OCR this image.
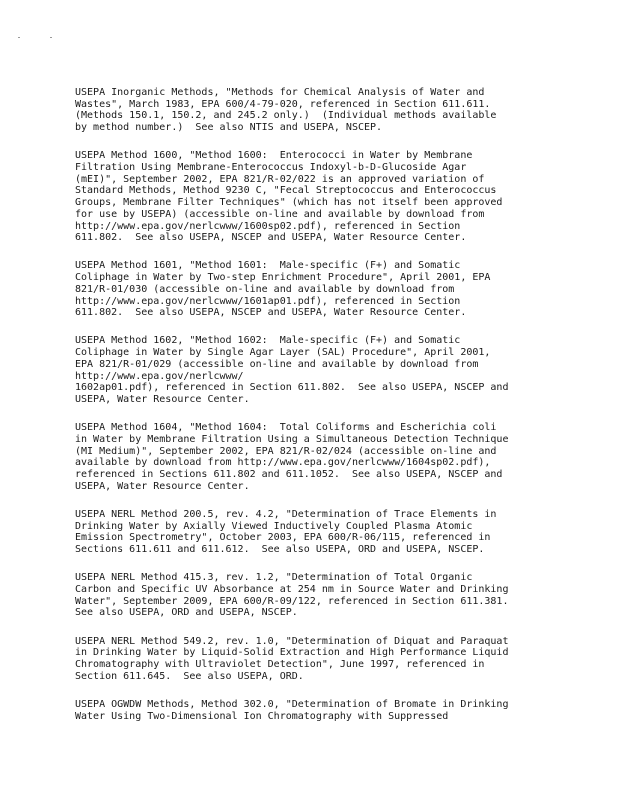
USEPA Inorganic Methods, "Methods for Chemical Analysis of Water and
Wastes", March 1983, EPA 600/4-79-020, referenced in Section 611.611.
(Methods 150.1, 150.2, and 245.2 only.)  (Individual methods available
by method number.)  See also NTIS and USEPA, NSCEP.
USEPA Method 1600, "Method 1600:  Enterococci in Water by Membrane
Filtration Using Membrane-Enterococcus Indoxyl-b-D-Glucoside Agar
(mEI)", September 2002, EPA 821/R-02/022 is an approved variation of
Standard Methods, Method 9230 C, "Fecal Streptococcus and Enterococcus
Groups, Membrane Filter Techniques" (which has not itself been approved
for use by USEPA) (accessible on-line and available by download from
http://www.epa.gov/nerlcwww/1600sp02.pdf), referenced in Section
611.802.  See also USEPA, NSCEP and USEPA, Water Resource Center.
USEPA Method 1601, "Method 1601:  Male-specific (F+) and Somatic
Coliphage in Water by Two-step Enrichment Procedure", April 2001, EPA
821/R-01/030 (accessible on-line and available by download from
http://www.epa.gov/nerlcwww/1601ap01.pdf), referenced in Section
611.802.  See also USEPA, NSCEP and USEPA, Water Resource Center.
USEPA Method 1602, "Method 1602:  Male-specific (F+) and Somatic
Coliphage in Water by Single Agar Layer (SAL) Procedure", April 2001,
EPA 821/R-01/029 (accessible on-line and available by download from
http://www.epa.gov/nerlcwww/
1602ap01.pdf), referenced in Section 611.802.  See also USEPA, NSCEP and
USEPA, Water Resource Center.
USEPA Method 1604, "Method 1604:  Total Coliforms and Escherichia coli
in Water by Membrane Filtration Using a Simultaneous Detection Technique
(MI Medium)", September 2002, EPA 821/R-02/024 (accessible on-line and
available by download from http://www.epa.gov/nerlcwww/1604sp02.pdf),
referenced in Sections 611.802 and 611.1052.  See also USEPA, NSCEP and
USEPA, Water Resource Center.
USEPA NERL Method 200.5, rev. 4.2, "Determination of Trace Elements in
Drinking Water by Axially Viewed Inductively Coupled Plasma Atomic
Emission Spectrometry", October 2003, EPA 600/R-06/115, referenced in
Sections 611.611 and 611.612.  See also USEPA, ORD and USEPA, NSCEP.
USEPA NERL Method 415.3, rev. 1.2, "Determination of Total Organic
Carbon and Specific UV Absorbance at 254 nm in Source Water and Drinking
Water", September 2009, EPA 600/R-09/122, referenced in Section 611.381.
See also USEPA, ORD and USEPA, NSCEP.
USEPA NERL Method 549.2, rev. 1.0, "Determination of Diquat and Paraquat
in Drinking Water by Liquid-Solid Extraction and High Performance Liquid
Chromatography with Ultraviolet Detection", June 1997, referenced in
Section 611.645.  See also USEPA, ORD.
USEPA OGWDW Methods, Method 302.0, "Determination of Bromate in Drinking
Water Using Two-Dimensional Ion Chromatography with Suppressed
